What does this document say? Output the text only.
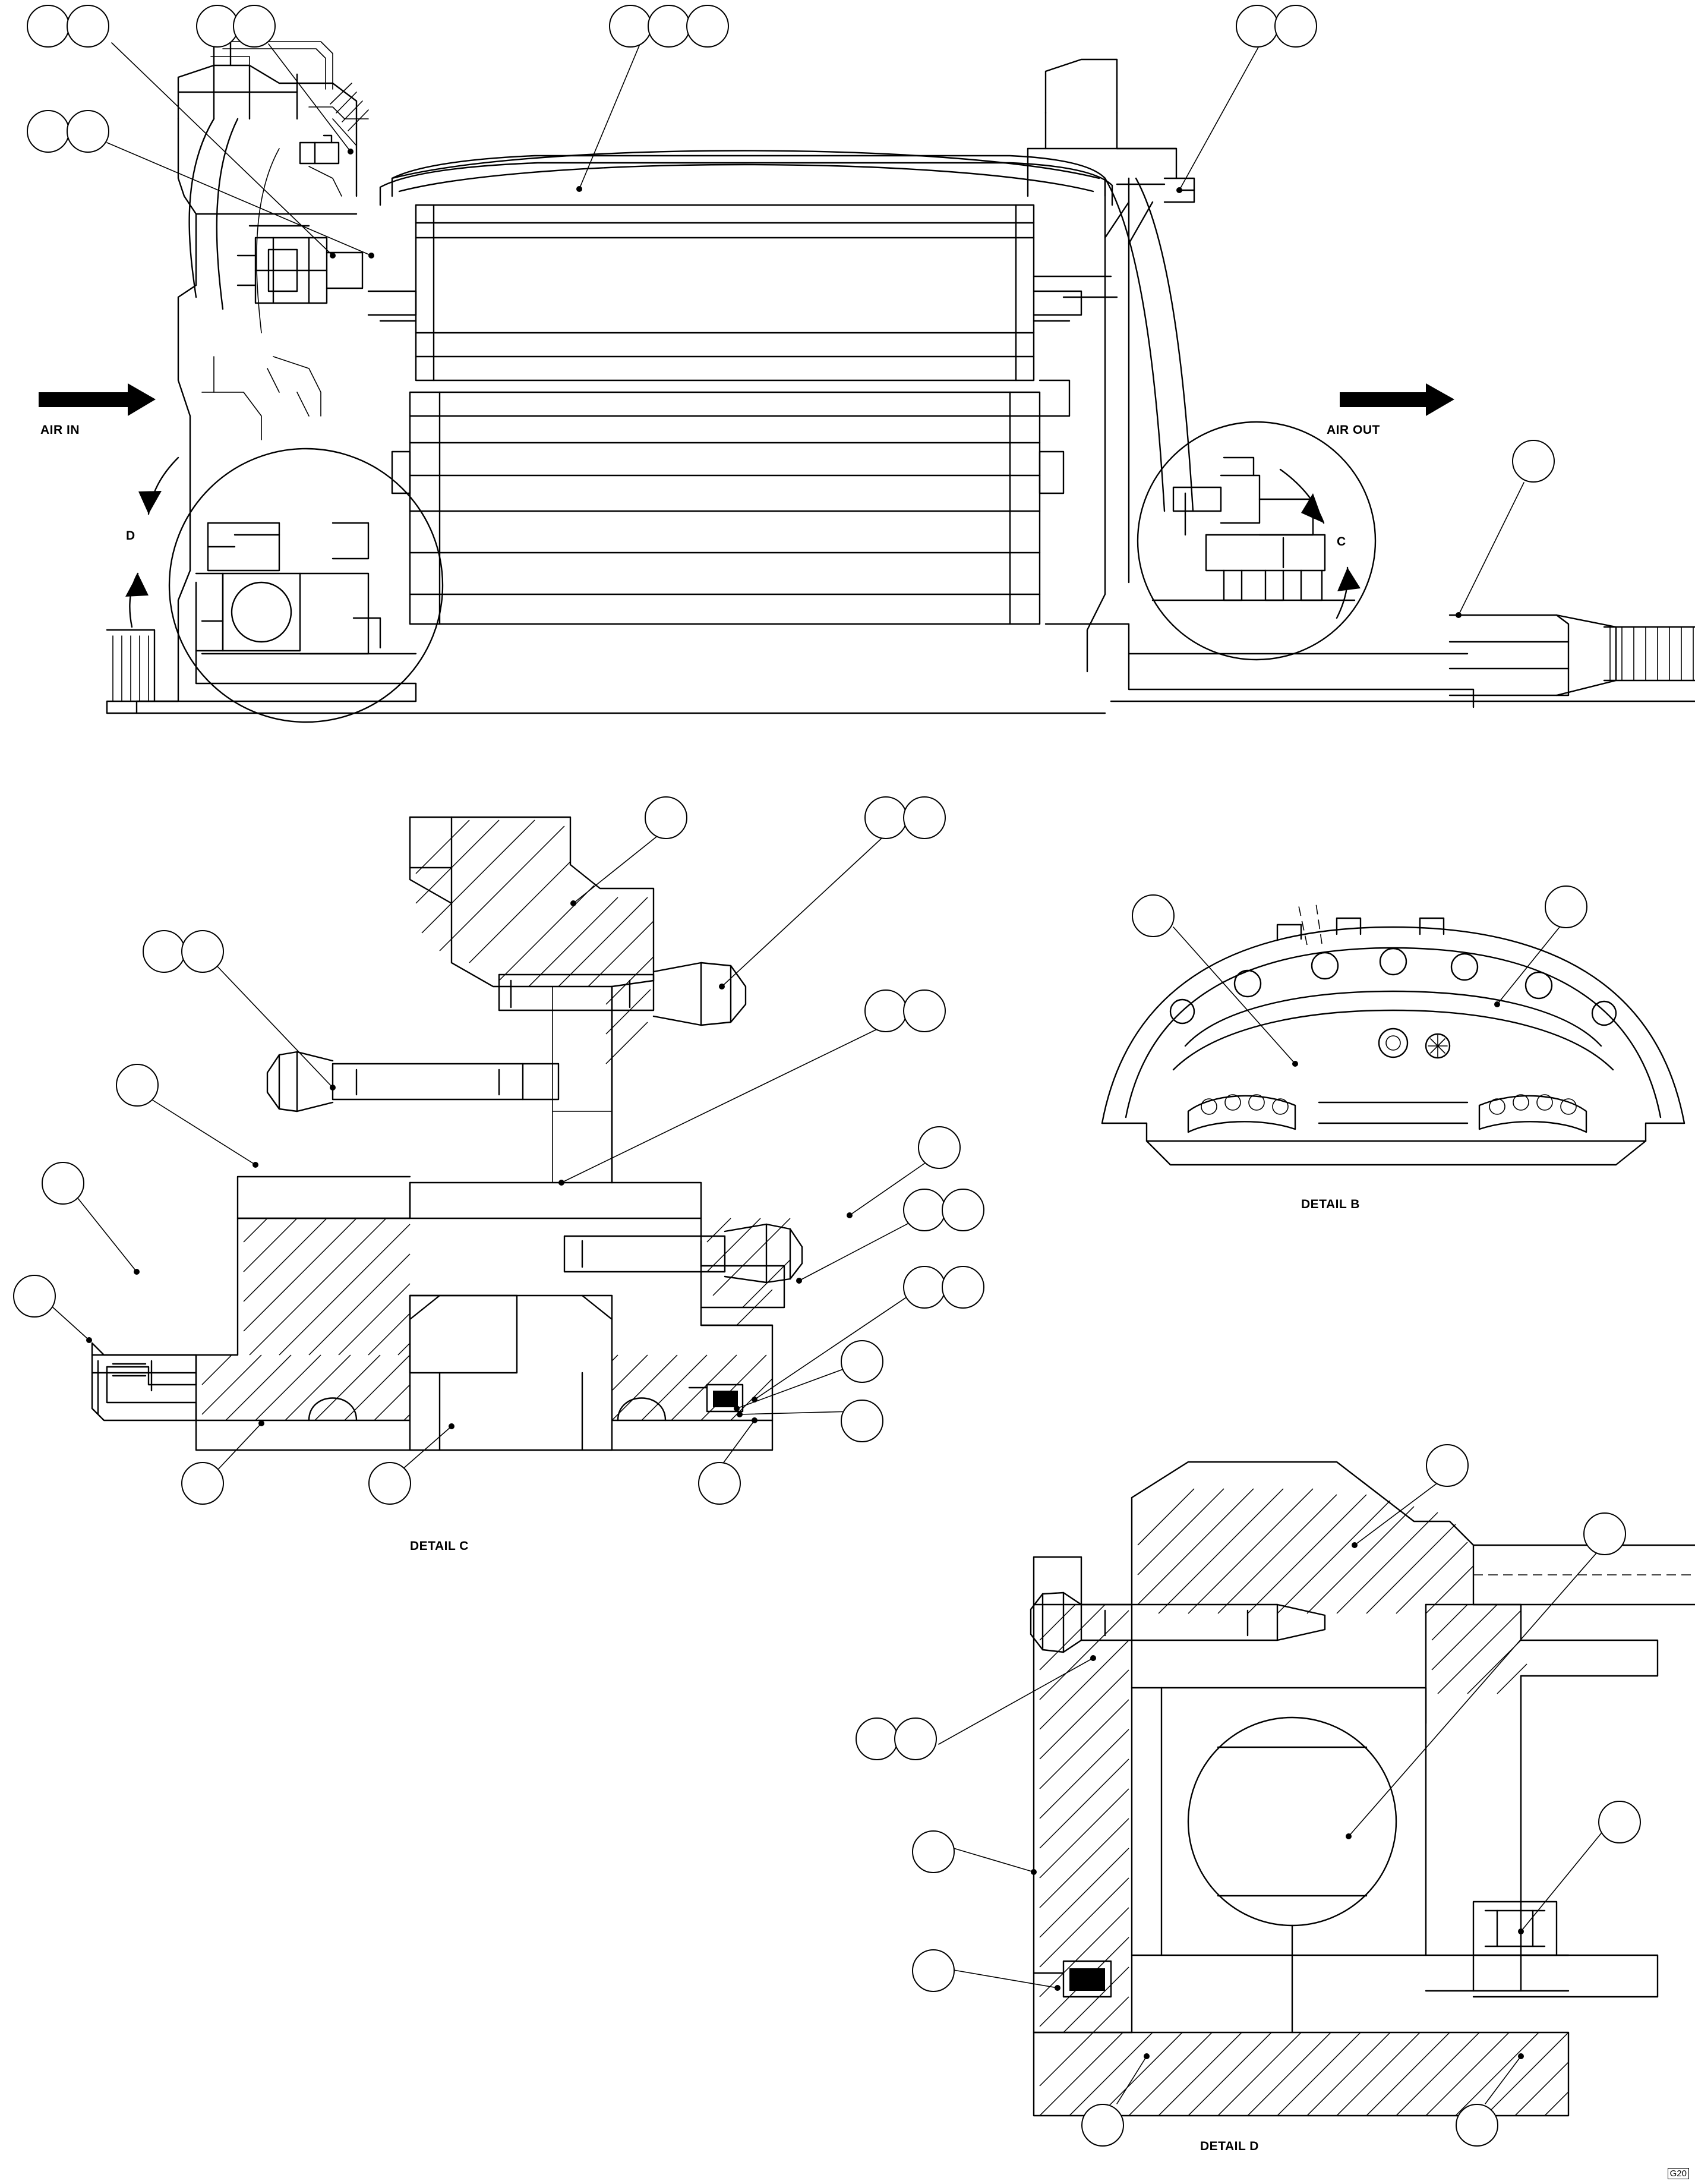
AIR IN	AIR OUT
D	C
DETAIL B
DETAIL C
DETAIL D
G20
